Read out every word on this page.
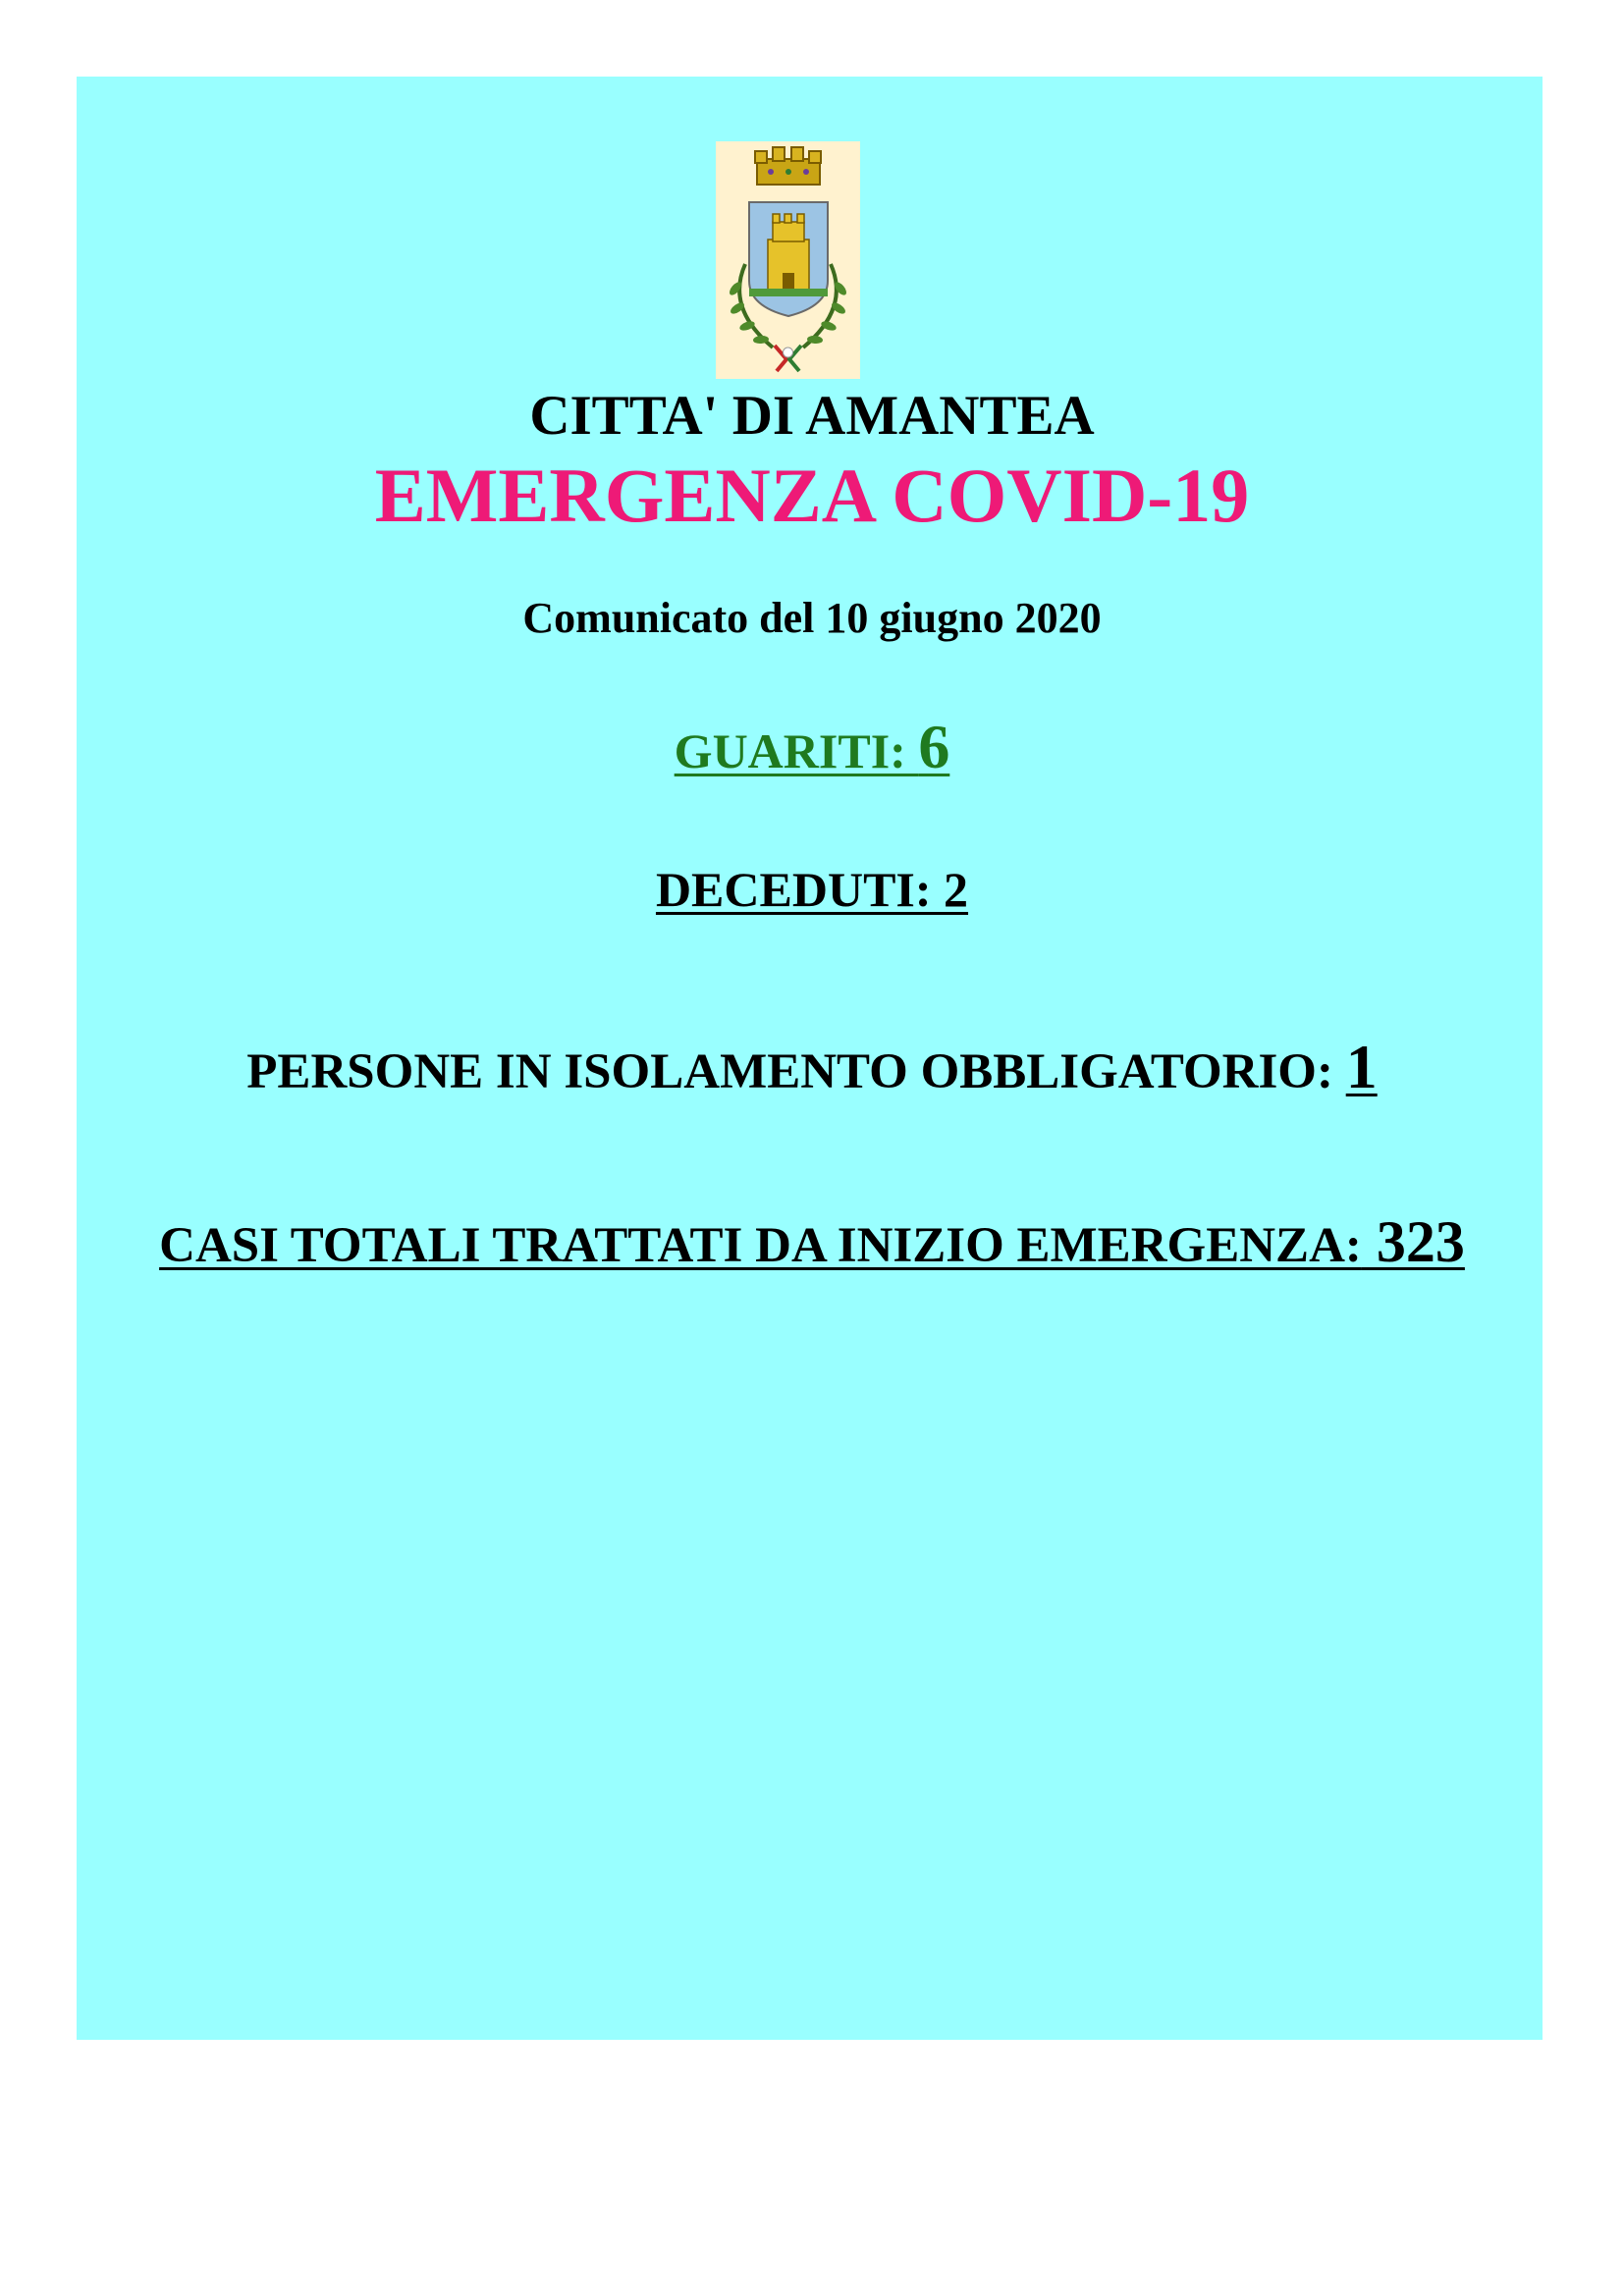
CITTA' DI AMANTEA
EMERGENZA COVID-19
Comunicato del 10 giugno 2020
GUARITI: 6
DECEDUTI: 2
PERSONE IN ISOLAMENTO OBBLIGATORIO: 1
CASI TOTALI TRATTATI DA INIZIO EMERGENZA: 323
